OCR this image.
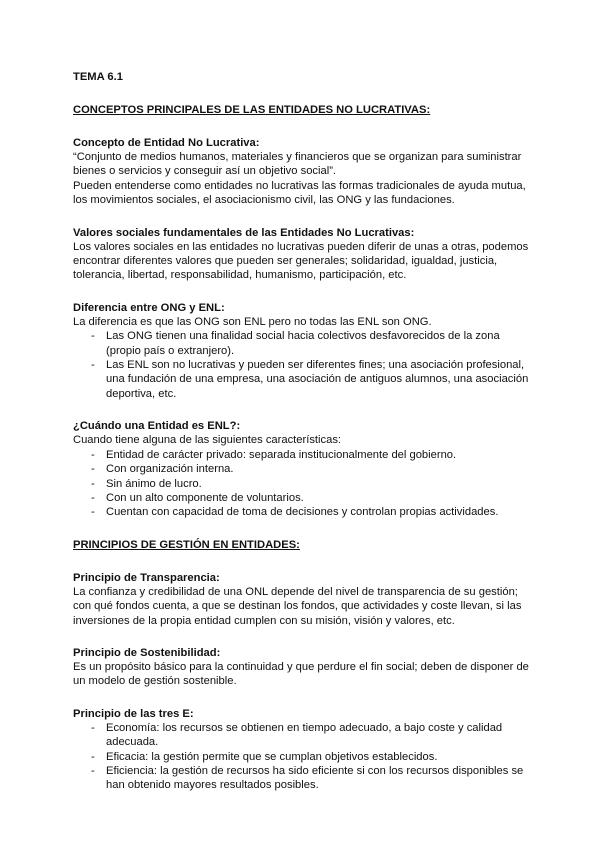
TEMA 6.1
CONCEPTOS PRINCIPALES DE LAS ENTIDADES NO LUCRATIVAS:
Concepto de Entidad No Lucrativa:

“Conjunto de medios humanos, materiales y financieros que se organizan para suministrar bienes o servicios y conseguir así un objetivo social”.

Pueden entenderse como entidades no lucrativas las formas tradicionales de ayuda mutua, los movimientos sociales, el asociacionismo civil, las ONG y las fundaciones.

Valores sociales fundamentales de las Entidades No Lucrativas:

Los valores sociales en las entidades no lucrativas pueden diferir de unas a otras, podemos encontrar diferentes valores que pueden ser generales; solidaridad, igualdad, justicia, tolerancia, libertad, responsabilidad, humanismo, participación, etc.

Diferencia entre ONG y ENL:

La diferencia es que las ONG son ENL pero no todas las ENL son ONG.

- Las ONG tienen una finalidad social hacia colectivos desfavorecidos de la zona (propio país o extranjero).
- Las ENL son no lucrativas y pueden ser diferentes fines; una asociación profesional, una fundación de una empresa, una asociación de antiguos alumnos, una asociación deportiva, etc.
¿Cuándo una Entidad es ENL?:

Cuando tiene alguna de las siguientes características:

- Entidad de carácter privado: separada institucionalmente del gobierno.
- Con organización interna.
- Sin ánimo de lucro.
- Con un alto componente de voluntarios.
- Cuentan con capacidad de toma de decisiones y controlan propias actividades.
PRINCIPIOS DE GESTIÓN EN ENTIDADES:
Principio de Transparencia:

La confianza y credibilidad de una ONL depende del nivel de transparencia de su gestión; con qué fondos cuenta, a que se destinan los fondos, que actividades y coste llevan, si las inversiones de la propia entidad cumplen con su misión, visión y valores, etc.

Principio de Sostenibilidad:

Es un propósito básico para la continuidad y que perdure el fin social; deben de disponer de un modelo de gestión sostenible.

Principio de las tres E:
- Economía: los recursos se obtienen en tiempo adecuado, a bajo coste y calidad adecuada.
- Eficacia: la gestión permite que se cumplan objetivos establecidos.
- Eficiencia: la gestión de recursos ha sido eficiente si con los recursos disponibles se han obtenido mayores resultados posibles.
